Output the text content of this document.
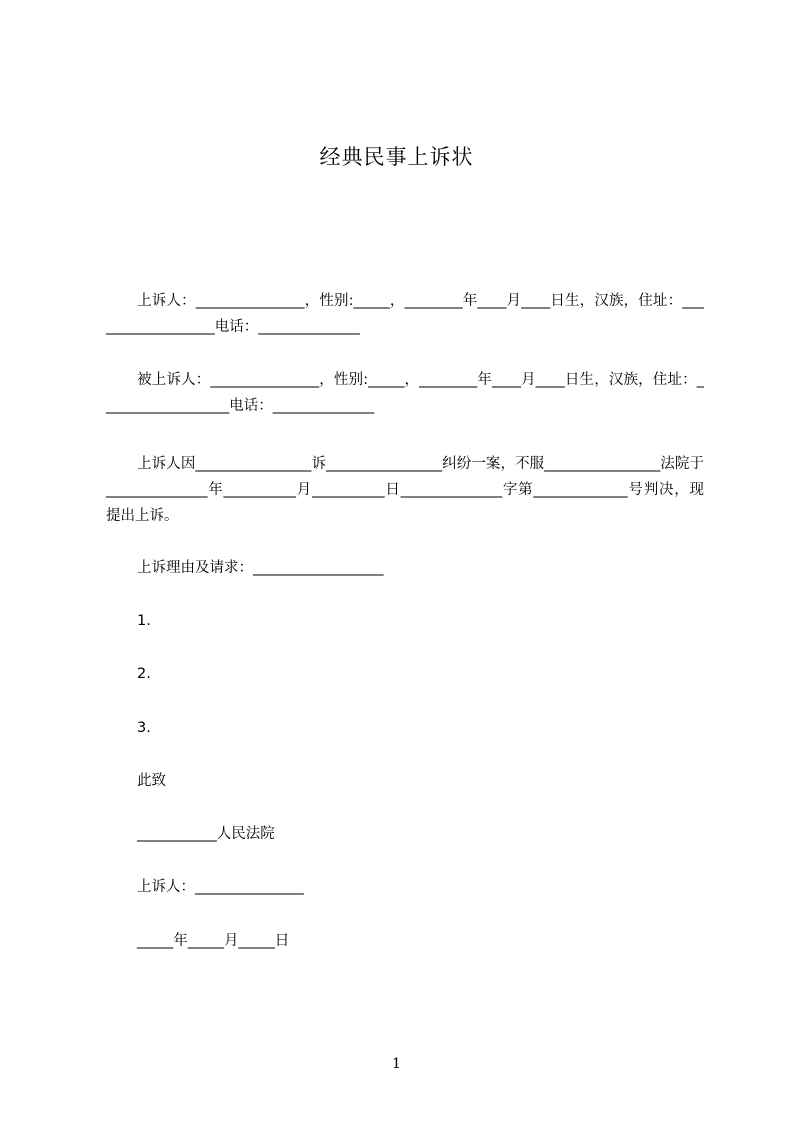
经典民事上诉状
上诉人：_______________，性别:_____，________年____月____日生，汉族，住址：__________________电话：______________
被上诉人：_______________，性别:_____，________年____月____日生，汉族，住址：__________________电话：______________
上诉人因________________诉________________纠纷一案，不服________________法院于______________年__________月__________日______________字第_____________号判决，现提出上诉。
上诉理由及请求：__________________
1.
2.
3.
此致
___________人民法院
上诉人：_______________
_____年_____月_____日
1
